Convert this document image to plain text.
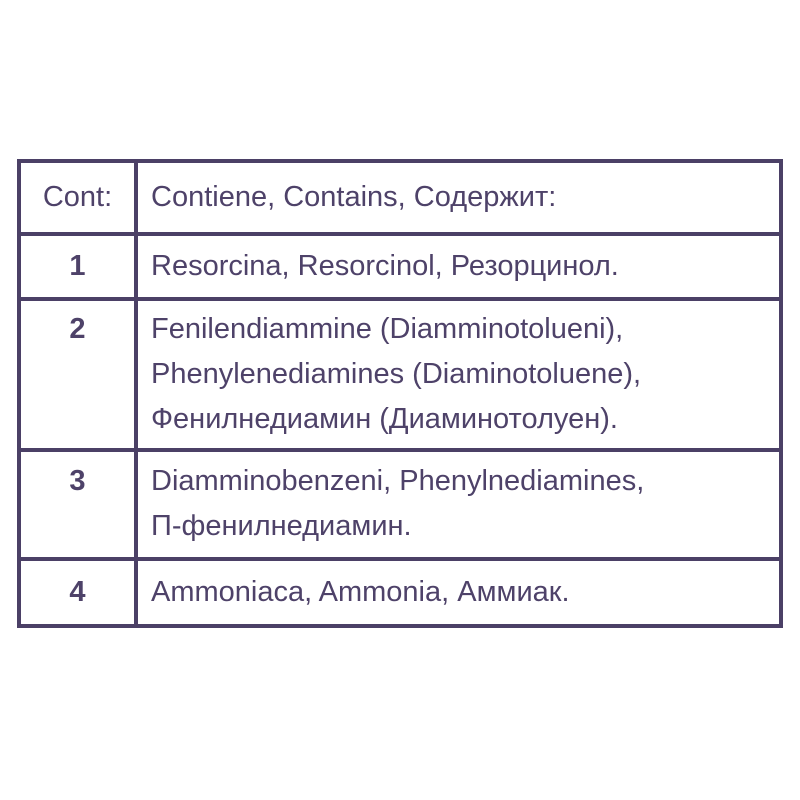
Cont:	Contiene, Contains, Содержит:
1	Resorcina, Resorcinol, Резорцинол.
2	Fenilendiammine (Diamminotolueni),
Phenylenediamines (Diaminotoluene),
Фенилнедиамин (Диаминотолуен).
3	Diamminobenzeni, Phenylnediamines,
П-фенилнедиамин.
4	Ammoniaca, Ammonia, Аммиак.
